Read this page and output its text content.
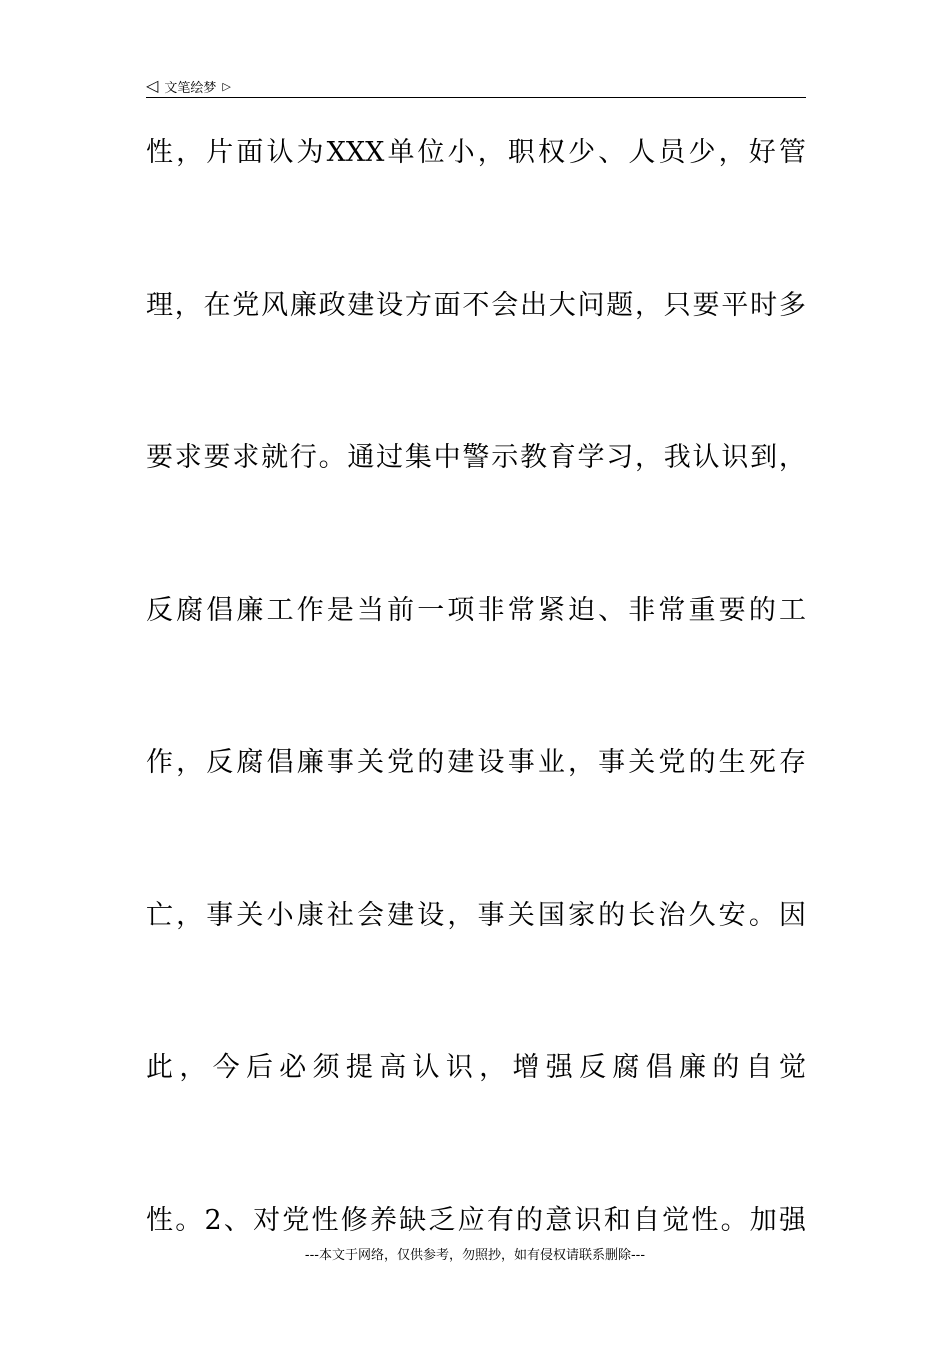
◁ 文笔绘梦 ▷
性 ， 片 面 认 为 XXX 单 位 小 ， 职 权 少 、 人 员 少 ， 好 管
理 ， 在 党 风 廉 政 建 设 方 面 不 会 出 大 问 题 ， 只 要 平 时 多
要 求 要 求 就 行 。 通 过 集 中 警 示 教 育 学 习 ， 我 认 识 到 ，
反 腐 倡 廉 工 作 是 当 前 一 项 非 常 紧 迫 、 非 常 重 要 的 工
作 ， 反 腐 倡 廉 事 关 党 的 建 设 事 业 ， 事 关 党 的 生 死 存
亡 ， 事 关 小 康 社 会 建 设 ， 事 关 国 家 的 长 治 久 安 。 因
此 ， 今 后 必 须 提 高 认 识 ， 增 强 反 腐 倡 廉 的 自 觉
性 。 2 、 对 党 性 修 养 缺 乏 应 有 的 意 识 和 自 觉 性 。 加 强
---本文于网络，仅供参考，勿照抄，如有侵权请联系删除---
